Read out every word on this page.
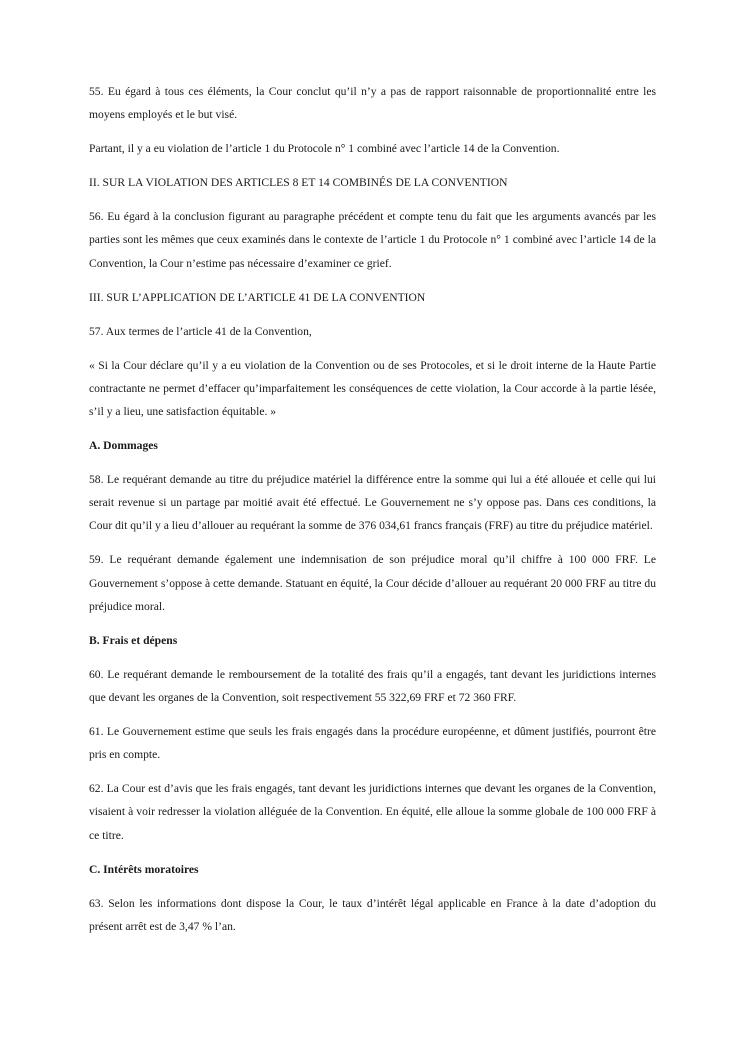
55. Eu égard à tous ces éléments, la Cour conclut qu’il n’y a pas de rapport raisonnable de proportionnalité entre les moyens employés et le but visé.

Partant, il y a eu violation de l’article 1 du Protocole n° 1 combiné avec l’article 14 de la Convention.

II. SUR LA VIOLATION DES ARTICLES 8 ET 14 COMBINÉS DE LA CONVENTION

56. Eu égard à la conclusion figurant au paragraphe précédent et compte tenu du fait que les arguments avancés par les parties sont les mêmes que ceux examinés dans le contexte de l’article 1 du Protocole n° 1 combiné avec l’article 14 de la Convention, la Cour n’estime pas nécessaire d’examiner ce grief.

III. SUR L’APPLICATION DE L’ARTICLE 41 DE LA CONVENTION

57. Aux termes de l’article 41 de la Convention,

« Si la Cour déclare qu’il y a eu violation de la Convention ou de ses Protocoles, et si le droit interne de la Haute Partie contractante ne permet d’effacer qu’imparfaitement les conséquences de cette violation, la Cour accorde à la partie lésée, s’il y a lieu, une satisfaction équitable. »

A. Dommages

58. Le requérant demande au titre du préjudice matériel la différence entre la somme qui lui a été allouée et celle qui lui serait revenue si un partage par moitié avait été effectué. Le Gouvernement ne s’y oppose pas. Dans ces conditions, la Cour dit qu’il y a lieu d’allouer au requérant la somme de 376 034,61 francs français (FRF) au titre du préjudice matériel.

59. Le requérant demande également une indemnisation de son préjudice moral qu’il chiffre à 100 000 FRF. Le Gouvernement s’oppose à cette demande. Statuant en équité, la Cour décide d’allouer au requérant 20 000 FRF au titre du préjudice moral.

B. Frais et dépens

60. Le requérant demande le remboursement de la totalité des frais qu’il a engagés, tant devant les juridictions internes que devant les organes de la Convention, soit respectivement 55 322,69 FRF et 72 360 FRF.

61. Le Gouvernement estime que seuls les frais engagés dans la procédure européenne, et dûment justifiés, pourront être pris en compte.

62. La Cour est d’avis que les frais engagés, tant devant les juridictions internes que devant les organes de la Convention, visaient à voir redresser la violation alléguée de la Convention. En équité, elle alloue la somme globale de 100 000 FRF à ce titre.

C. Intérêts moratoires

63. Selon les informations dont dispose la Cour, le taux d’intérêt légal applicable en France à la date d’adoption du présent arrêt est de 3,47 % l’an.
